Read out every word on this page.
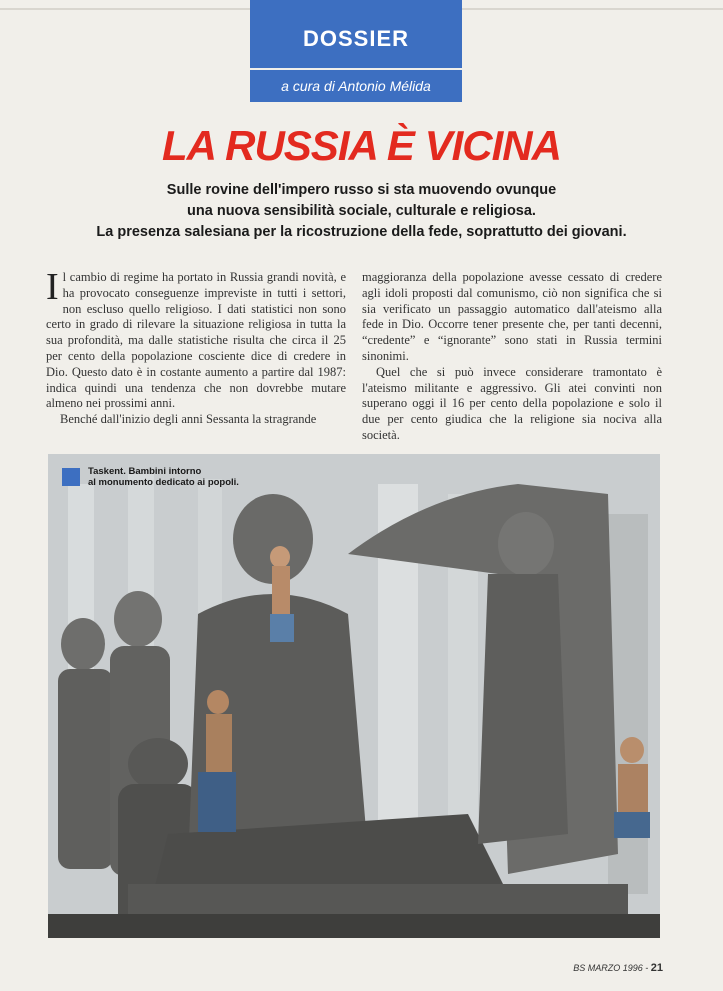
DOSSIER
a cura di Antonio Mélida
LA RUSSIA È VICINA
Sulle rovine dell'impero russo si sta muovendo ovunque
una nuova sensibilità sociale, culturale e religiosa.
La presenza salesiana per la ricostruzione della fede, soprattutto dei giovani.

Il cambio di regime ha portato in Russia grandi novità, e ha provocato conseguenze impreviste in tutti i settori, non escluso quello religioso. I dati statistici non sono certo in grado di rilevare la situazione religiosa in tutta la sua profondità, ma dalle statistiche risulta che circa il 25 per cento della popolazione cosciente dice di credere in Dio. Questo dato è in costante aumento a partire dal 1987: indica quindi una tendenza che non dovrebbe mutare almeno nei prossimi anni.

Benché dall'inizio degli anni Sessanta la stragrande

maggioranza della popolazione avesse cessato di credere agli idoli proposti dal comunismo, ciò non significa che si sia verificato un passaggio automatico dall'ateismo alla fede in Dio. Occorre tener presente che, per tanti decenni, “credente” e “ignorante” sono stati in Russia termini sinonimi.

Quel che si può invece considerare tramontato è l'ateismo militante e aggressivo. Gli atei convinti non superano oggi il 16 per cento della popolazione e solo il due per cento giudica che la religione sia nociva alla società.

Taskent. Bambini intorno
al monumento dedicato ai popoli.
BS MARZO 1996 - 21
